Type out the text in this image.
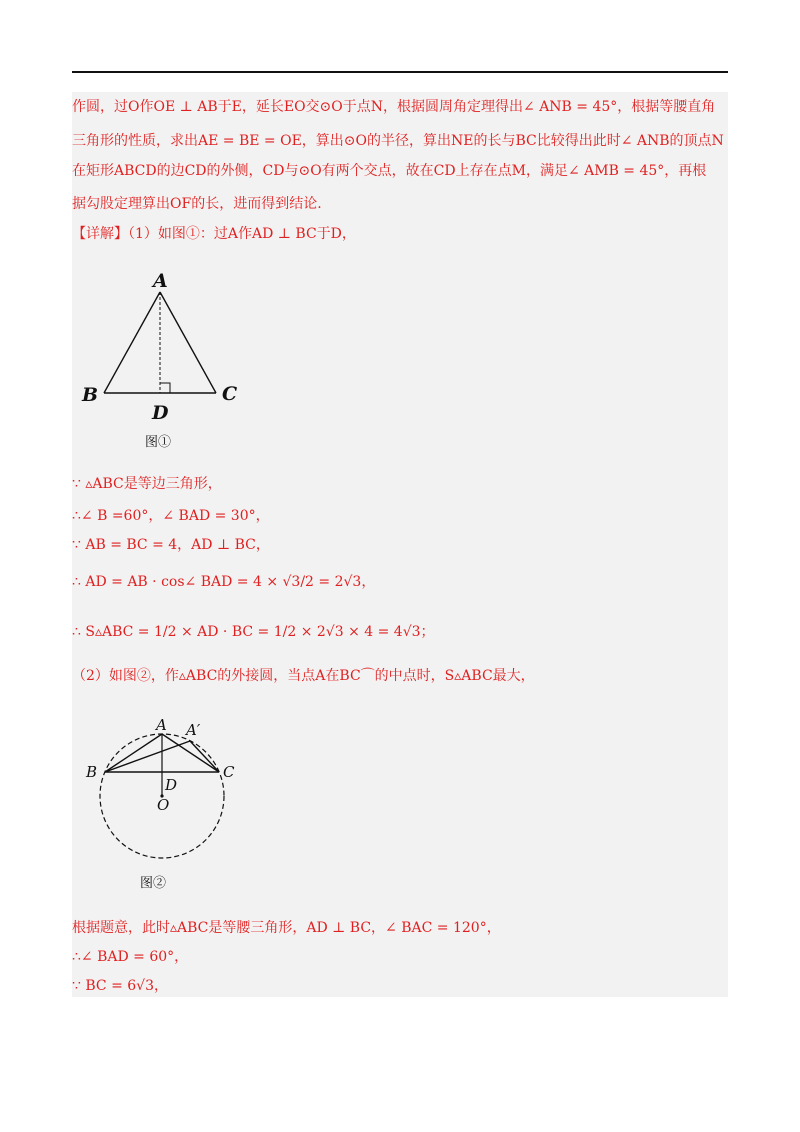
作圆，过O作OE ⊥ AB于E，延长EO交⊙O于点N，根据圆周角定理得出∠ ANB = 45°，根据等腰直角
三角形的性质，求出AE = BE = OE，算出⊙O的半径，算出NE的长与BC比较得出此时∠ ANB的顶点N
在矩形ABCD的边CD的外侧，CD与⊙O有两个交点，故在CD上存在点M，满足∠ AMB = 45°，再根
据勾股定理算出OF的长，进而得到结论.
【详解】（1）如图①：过A作AD ⊥ BC于D，
A
B	C
D
图①
∵ ▵ABC是等边三角形，
∴∠ B =60°，∠ BAD = 30°，
∵ AB = BC = 4，AD ⊥ BC，
∴ AD = AB · cos∠ BAD = 4 × √3/2 = 2√3，
∴ S▵ABC = 1/2 × AD · BC = 1/2 × 2√3 × 4 = 4√3；
（2）如图②，作▵ABC的外接圆，当点A在BC⌒的中点时，S▵ABC最大，
A A′
B	C
D
O
图②
根据题意，此时▵ABC是等腰三角形，AD ⊥ BC，∠ BAC = 120°，
∴∠ BAD = 60°，
∵ BC = 6√3，
